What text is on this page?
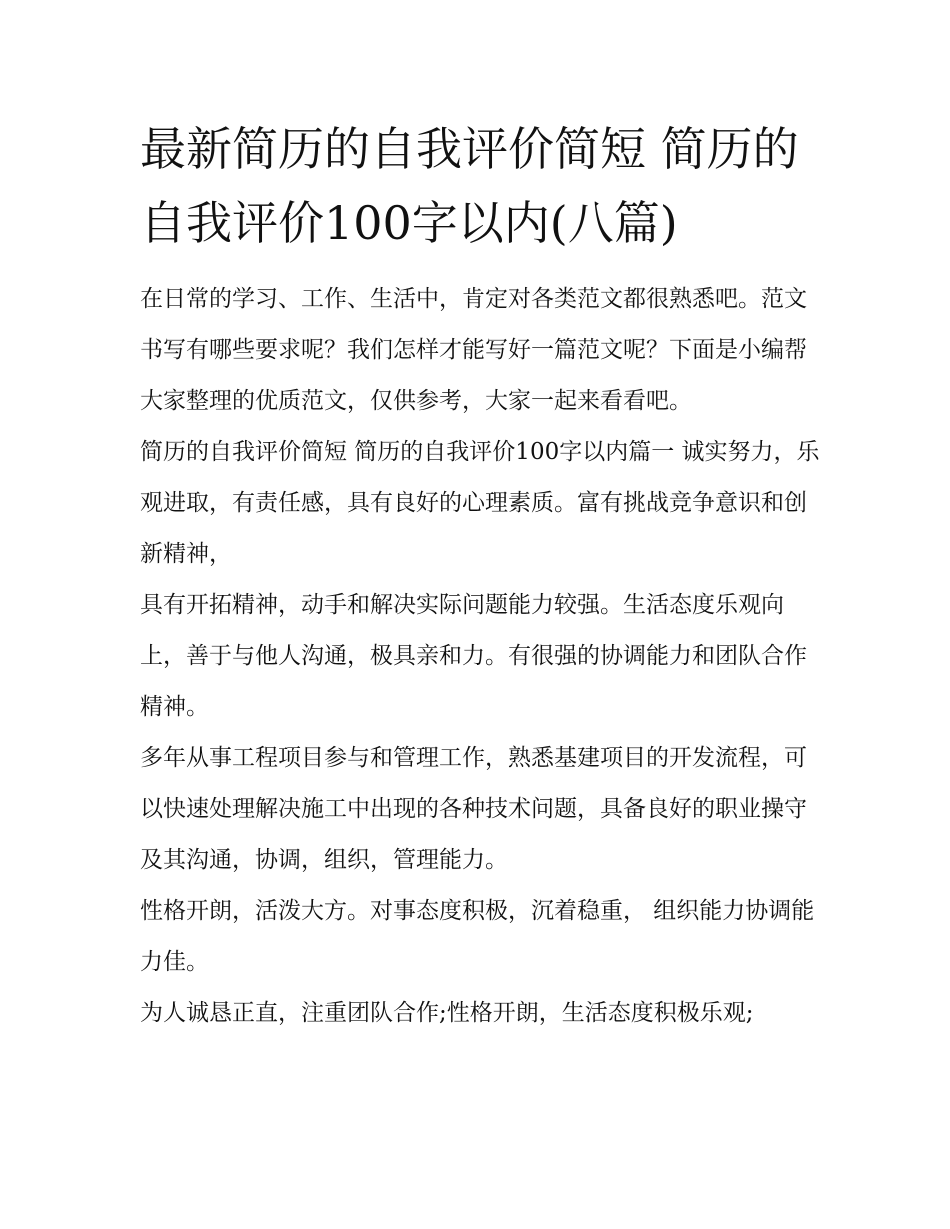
最新简历的自我评价简短 简历的自我评价100字以内(八篇)

在日常的学习、工作、生活中，肯定对各类范文都很熟悉吧。范文书写有哪些要求呢？我们怎样才能写好一篇范文呢？下面是小编帮大家整理的优质范文，仅供参考，大家一起来看看吧。

简历的自我评价简短 简历的自我评价100字以内篇一 诚实努力，乐观进取，有责任感，具有良好的心理素质。富有挑战竞争意识和创新精神，

具有开拓精神，动手和解决实际问题能力较强。生活态度乐观向上，善于与他人沟通，极具亲和力。有很强的协调能力和团队合作精神。

多年从事工程项目参与和管理工作，熟悉基建项目的开发流程，可以快速处理解决施工中出现的各种技术问题，具备良好的职业操守及其沟通，协调，组织，管理能力。

性格开朗，活泼大方。对事态度积极，沉着稳重， 组织能力协调能力佳。

为人诚恳正直，注重团队合作;性格开朗，生活态度积极乐观;
